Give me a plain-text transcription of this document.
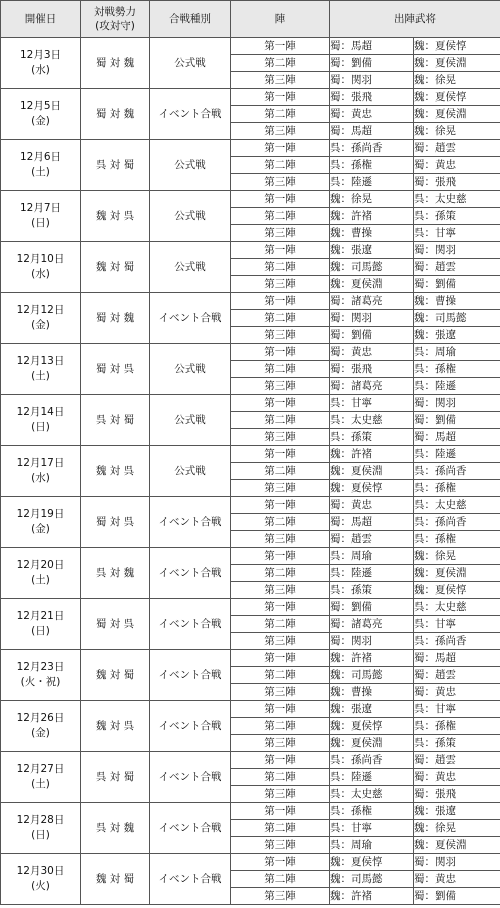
開催日	対戦勢力
(攻対守)	合戦種別	陣	出陣武将	

12月3日
(水)	蜀 対 魏	公式戦	第一陣	蜀：馬超	魏：夏侯惇
			第二陣	蜀：劉備	魏：夏侯淵
			第三陣	蜀：関羽	魏：徐晃

12月5日
(金)	蜀 対 魏	イベント合戦	第一陣	蜀：張飛	魏：夏侯惇
			第二陣	蜀：黄忠	魏：夏侯淵
			第三陣	蜀：馬超	魏：徐晃

12月6日
(土)	呉 対 蜀	公式戦	第一陣	呉：孫尚香	蜀：趙雲
			第二陣	呉：孫権	蜀：黄忠
			第三陣	呉：陸遜	蜀：張飛

12月7日
(日)	魏 対 呉	公式戦	第一陣	魏：徐晃	呉：太史慈
			第二陣	魏：許褚	呉：孫策
			第三陣	魏：曹操	呉：甘寧

12月10日
(水)	魏 対 蜀	公式戦	第一陣	魏：張遼	蜀：関羽
			第二陣	魏：司馬懿	蜀：趙雲
			第三陣	魏：夏侯淵	蜀：劉備

12月12日
(金)	蜀 対 魏	イベント合戦	第一陣	蜀：諸葛亮	魏：曹操
			第二陣	蜀：関羽	魏：司馬懿
			第三陣	蜀：劉備	魏：張遼

12月13日
(土)	蜀 対 呉	公式戦	第一陣	蜀：黄忠	呉：周瑜
			第二陣	蜀：張飛	呉：孫権
			第三陣	蜀：諸葛亮	呉：陸遜

12月14日
(日)	呉 対 蜀	公式戦	第一陣	呉：甘寧	蜀：関羽
			第二陣	呉：太史慈	蜀：劉備
			第三陣	呉：孫策	蜀：馬超

12月17日
(水)	魏 対 呉	公式戦	第一陣	魏：許褚	呉：陸遜
			第二陣	魏：夏侯淵	呉：孫尚香
			第三陣	魏：夏侯惇	呉：孫権

12月19日
(金)	蜀 対 呉	イベント合戦	第一陣	蜀：黄忠	呉：太史慈
			第二陣	蜀：馬超	呉：孫尚香
			第三陣	蜀：趙雲	呉：孫権

12月20日
(土)	呉 対 魏	イベント合戦	第一陣	呉：周瑜	魏：徐晃
			第二陣	呉：陸遜	魏：夏侯淵
			第三陣	呉：孫策	魏：夏侯惇

12月21日
(日)	蜀 対 呉	イベント合戦	第一陣	蜀：劉備	呉：太史慈
			第二陣	蜀：諸葛亮	呉：甘寧
			第三陣	蜀：関羽	呉：孫尚香

12月23日
(火・祝)	魏 対 蜀	イベント合戦	第一陣	魏：許褚	蜀：馬超
			第二陣	魏：司馬懿	蜀：趙雲
			第三陣	魏：曹操	蜀：黄忠

12月26日
(金)	魏 対 呉	イベント合戦	第一陣	魏：張遼	呉：甘寧
			第二陣	魏：夏侯惇	呉：孫権
			第三陣	魏：夏侯淵	呉：孫策

12月27日
(土)	呉 対 蜀	イベント合戦	第一陣	呉：孫尚香	蜀：趙雲
			第二陣	呉：陸遜	蜀：黄忠
			第三陣	呉：太史慈	蜀：張飛

12月28日
(日)	呉 対 魏	イベント合戦	第一陣	呉：孫権	魏：張遼
			第二陣	呉：甘寧	魏：徐晃
			第三陣	呉：周瑜	魏：夏侯淵

12月30日
(火)	魏 対 蜀	イベント合戦	第一陣	魏：夏侯惇	蜀：関羽
			第二陣	魏：司馬懿	蜀：黄忠
			第三陣	魏：許褚	蜀：劉備
